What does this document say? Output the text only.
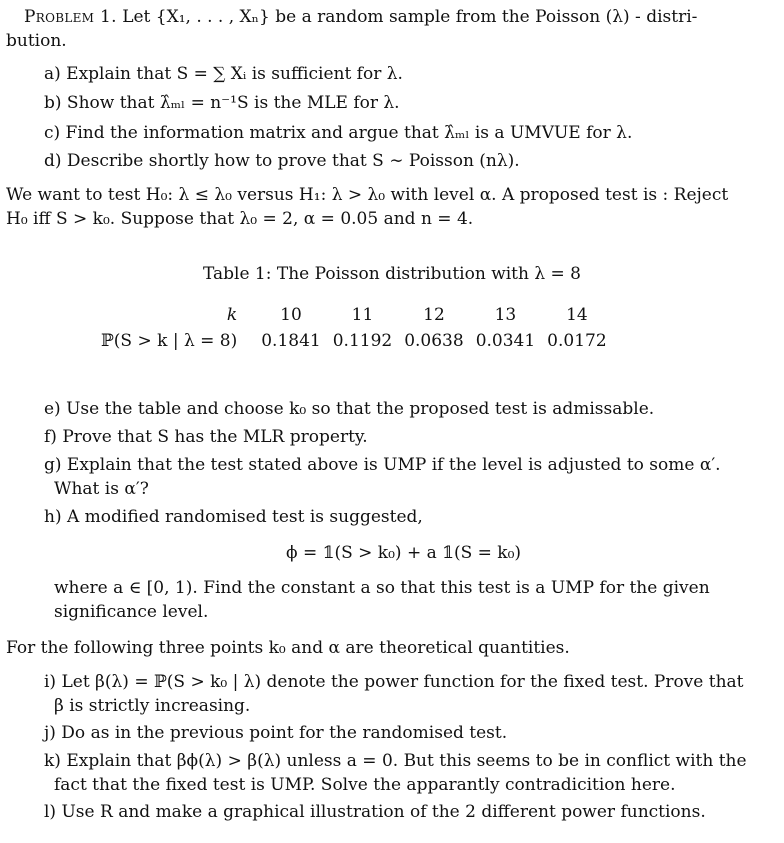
Problem 1. Let {X₁, . . . , Xₙ} be a random sample from the Poisson (λ) - distri-
bution.
a) Explain that S = ∑ Xᵢ is sufficient for λ.
b) Show that λ̂ₘₗ = n⁻¹S is the MLE for λ.
c) Find the information matrix and argue that λ̂ₘₗ is a UMVUE for λ.
d) Describe shortly how to prove that S ∼ Poisson (nλ).
We want to test H₀: λ ≤ λ₀ versus H₁: λ > λ₀ with level α. A proposed test is : Reject
H₀ iff S > k₀. Suppose that λ₀ = 2, α = 0.05 and n = 4.
Table 1: The Poisson distribution with λ = 8
k	10	11	12	13	14
ℙ(S > k | λ = 8)	0.1841	0.1192	0.0638	0.0341	0.0172
e) Use the table and choose k₀ so that the proposed test is admissable.
f) Prove that S has the MLR property.
g) Explain that the test stated above is UMP if the level is adjusted to some α′.
What is α′?
h) A modified randomised test is suggested,
ϕ = 𝟙(S > k₀) + a 𝟙(S = k₀)
where a ∈ [0, 1). Find the constant a so that this test is a UMP for the given
significance level.
For the following three points k₀ and α are theoretical quantities.
i) Let β(λ) = ℙ(S > k₀ | λ) denote the power function for the fixed test. Prove that
β is strictly increasing.
j) Do as in the previous point for the randomised test.
k) Explain that βϕ(λ) > β(λ) unless a = 0. But this seems to be in conflict with the
fact that the fixed test is UMP. Solve the apparantly contradicition here.
l) Use R and make a graphical illustration of the 2 different power functions.
